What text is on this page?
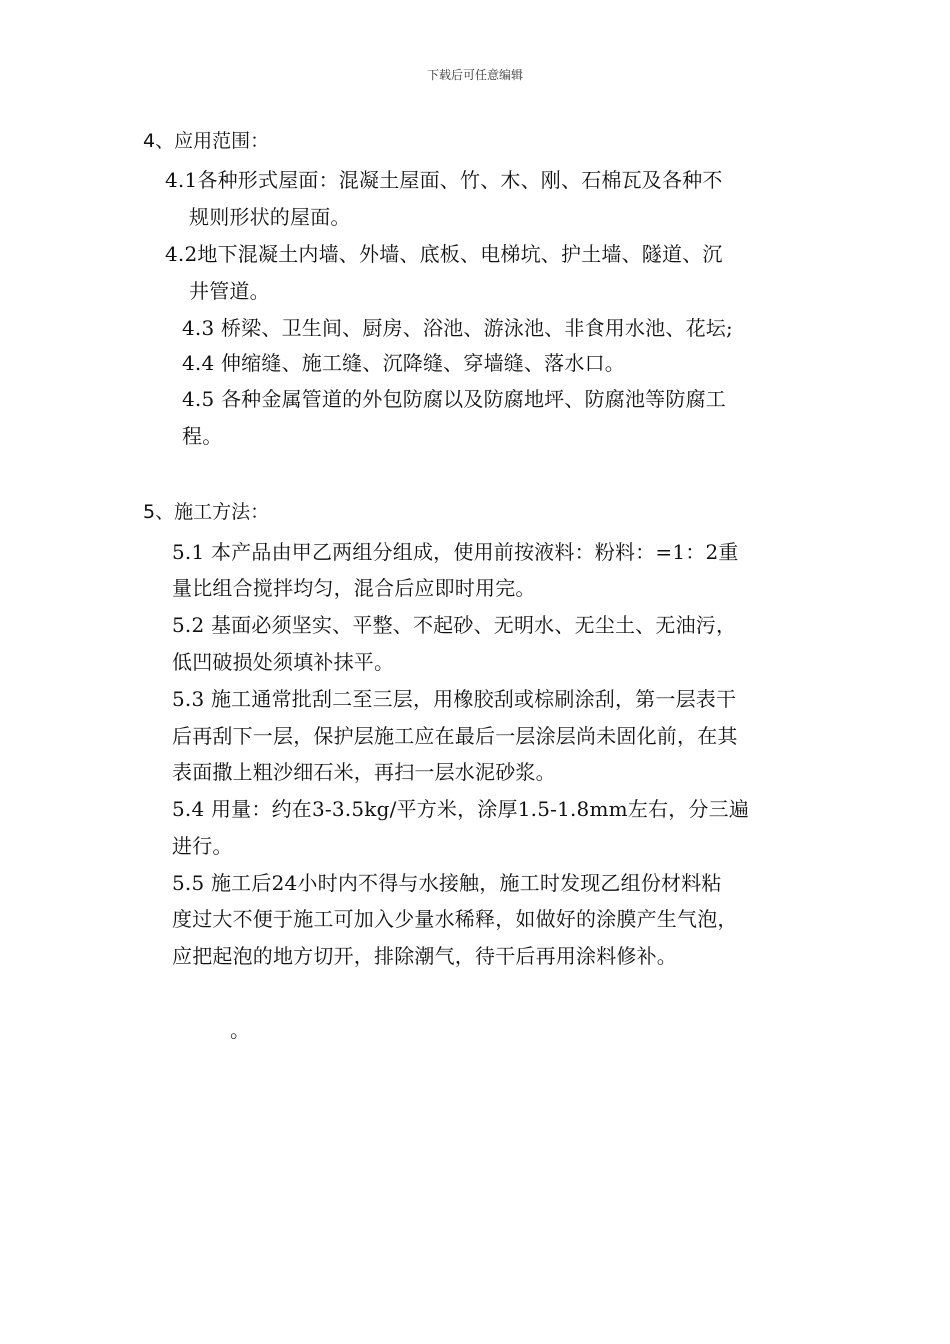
下载后可任意编辑
4、应用范围：
4.1各种形式屋面：混凝土屋面、竹、木、刚、石棉瓦及各种不
规则形状的屋面。
4.2地下混凝土内墙、外墙、底板、电梯坑、护土墙、隧道、沉
井管道。
4.3 桥梁、卫生间、厨房、浴池、游泳池、非食用水池、花坛;
4.4 伸缩缝、施工缝、沉降缝、穿墙缝、落水口。
4.5 各种金属管道的外包防腐以及防腐地坪、防腐池等防腐工
程。
5、施工方法：
5.1 本产品由甲乙两组分组成，使用前按液料：粉料：=1：2重
量比组合搅拌均匀，混合后应即时用完。
5.2 基面必须坚实、平整、不起砂、无明水、无尘土、无油污，
低凹破损处须填补抹平。
5.3 施工通常批刮二至三层，用橡胶刮或棕刷涂刮，第一层表干
后再刮下一层，保护层施工应在最后一层涂层尚未固化前，在其
表面撒上粗沙细石米，再扫一层水泥砂浆。
5.4 用量：约在3-3.5kg/平方米，涂厚1.5-1.8mm左右，分三遍
进行。
5.5 施工后24小时内不得与水接触，施工时发现乙组份材料粘
度过大不便于施工可加入少量水稀释，如做好的涂膜产生气泡，
应把起泡的地方切开，排除潮气，待干后再用涂料修补。
。
